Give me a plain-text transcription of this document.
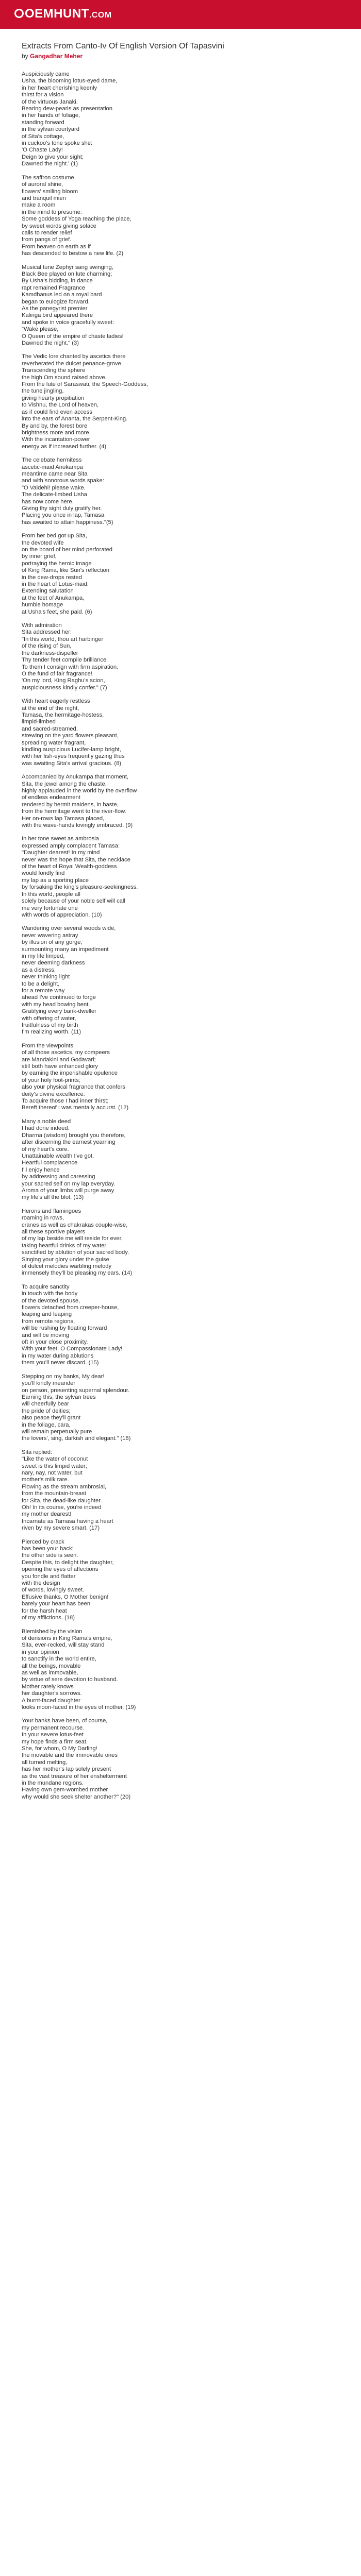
OEMHUNT.COM
Extracts From Canto-Iv Of English Version Of Tapasvini

by Gangadhar Meher

Auspiciously came
Usha, the blooming lotus-eyed dame,
in her heart cherishing keenly
thirst for a vision
of the virtuous Janaki.
Bearing dew-pearls as presentation
in her hands of foliage,
standing forward
in the sylvan courtyard
of Sita's cottage,
in cuckoo's tone spoke she:
'O Chaste Lady!
Deign to give your sight;
Dawned the night.' (1)
The saffron costume
of auroral shine,
flowers' smiling bloom
and tranquil mien
make a room
in the mind to presume:
Some goddess of Yoga reaching the place,
by sweet words giving solace
calls to render relief
from pangs of grief.
From heaven on earth as if
has descended to bestow a new life. (2)
Musical tune Zephyr sang swinging,
Black Bee played on lute charming;
By Usha's bidding, in dance
rapt remained Fragrance
Kamdhanus led on a royal bard
began to eulogize forward.
As the panegyrist premier
Kalinga bird appeared there
and spoke in voice gracefully sweet:
"Wake please,
O Queen of the empire of chaste ladies!
Dawned the night." (3)
The Vedic lore chanted by ascetics there
reverberated the dulcet penance-grove.
Transcending the sphere
the high Om sound raised above.
From the lute of Saraswati, the Speech-Goddess,
the tune jingling,
giving hearty propitiation
to Vishnu, the Lord of heaven,
as if could find even access
into the ears of Ananta, the Serpent-King.
By and by, the forest bore
brightness more and more.
With the incantation-power
energy as if increased further. (4)
The celebate hermitess
ascetic-maid Anukampa
meantime came near Sita
and with sonorous words spake:
"O Vaidehi! please wake.
The delicate-limbed Usha
has now come here.
Giving thy sight duly gratify her.
Placing you once in lap, Tamasa
has awaited to attain happiness."(5)
From her bed got up Sita,
the devoted wife
on the board of her mind perforated
by inner grief,
portraying the heroic image
of King Rama, like Sun's reflection
in the dew-drops rested
in the heart of Lotus-maid.
Extending salutation
at the feet of Anukampa,
humble homage
at Usha's feet, she paid. (6)
With admiration
Sita addressed her:
"In this world, thou art harbinger
of the rising of Sun,
the darkness-dispeller
Thy tender feet compile brilliance.
To them I consign with firm aspiration.
O the fund of fair fragrance!
'On my lord, King Raghu's scion,
auspiciousness kindly confer." (7)
With heart eagerly restless
at the end of the night,
Tamasa, the hermitage-hostess,
limpid-limbed
and sacred-streamed,
strewing on the yard flowers pleasant,
spreading water fragrant,
kindling auspicious Lucifer-lamp bright,
with her fish-eyes frequently gazing thus
was awaiting Sita's arrival gracious. (8)
Accompanied by Anukampa that moment,
Sita, the jewel among the chaste,
highly applauded in the world by the overflow
of endless endearment
rendered by hermit maidens, in haste,
from the hermitage went to the river-flow.
Her on-rows lap Tamasa placed,
with the wave-hands lovingly embraced. (9)
In her tone sweet as ambrosia
expressed amply complacent Tamasa:
"Daughter dearest! In my mind
never was the hope that Sita, the necklace
of the heart of Royal Wealth-goddess
would fondly find
my lap as a sporting place
by forsaking the king's pleasure-seekingness.
In this world, people all
solely because of your noble self will call
me very fortunate one
with words of appreciation. (10)
Wandering over several woods wide,
never wavering astray
by illusion of any gorge,
surmounting many an impediment
in my life limped,
never deeming darkness
as a distress,
never thinking light
to be a delight,
for a remote way
ahead I've continued to forge
with my head bowing bent.
Gratifying every bank-dweller
with offering of water,
fruitfulness of my birth
I'm realizing worth. (11)
From the viewpoints
of all those ascetics, my compeers
are Mandakini and Godavari;
still both have enhanced glory
by earning the imperishable opulence
of your holy foot-prints;
also your physical fragrance that confers
deity's divine excellence.
To acquire those I had inner thirst;
Bereft thereof I was mentally accurst. (12)
Many a noble deed
I had done indeed.
Dharma (wisdom) brought you therefore,
after discerning the earnest yearning
of my heart's core.
Unattainable wealth I've got.
Heartful complacence
I'll enjoy hence
by addressing and caressing
your sacred self on my lap everyday.
Aroma of your limbs will purge away
my life's all the blot. (13)
Herons and flamingoes
roaming in rows,
cranes as well as chakrakas couple-wise,
all these sportive players
of my lap beside me will reside for ever,
taking heartful drinks of my water
sanctified by ablution of your sacred body.
Singing your glory under the guise
of dulcet melodies warbling melody
immensely they'll be pleasing my ears. (14)
To acquire sanctity
in touch with the body
of the devoted spouse,
flowers detached from creeper-house,
leaping and leaping
from remote regions,
will be rushing by floating forward
and will be moving
oft in your close proximity.
With your feet, O Compassionate Lady!
in my water during ablutions
them you'll never discard. (15)
Stepping on my banks, My dear!
you'll kindly meander
on person, presenting supernal splendour.
Earning this, the sylvan trees
will cheerfully bear
the pride of deities;
also peace they'll grant
in the foliage, cara,
will remain perpetually pure
the lovers', sing, darkish and elegant." (16)
Sita replied:
"Like the water of coconut
sweet is this limpid water;
nary, nay, not water, but
mother's milk rare.
Flowing as the stream ambrosial,
from the mountain-breast
for Sita, the dead-like daughter.
Oh! In its course, you're indeed
my mother dearest!
Incarnate as Tamasa having a heart
riven by my severe smart. (17)
Pierced by crack
has been your back;
the other side is seen.
Despite this, to delight the daughter,
opening the eyes of affections
you fondle and flatter
with the design
of words, lovingly sweet.
Effusive thanks, O Mother benign!
barely your heart has been
for the harsh heat
of my afflictions. (18)
Blemished by the vision
of derisions in King Rama's empire,
Sita, ever-recked, will stay stand
in your opinion
to sanctify in the world entire,
all the beings, movable
as well as immovable,
by virtue of sere devotion to husband.
Mother rarely knows
her daughter's sorrows.
A burnt-faced daughter
looks moon-faced in the eyes of mother. (19)
Your banks have been, of course,
my permanent recourse.
In your severe lotus-feet
my hope finds a firm seat.
She, for whom, O My Darling!
the movable and the immovable ones
all turned melting,
has her mother's lap solely present
as the vast treasure of her enshelterment
in the mundane regions.
Having own gem-wombed mother
why would she seek shelter another?" (20)
